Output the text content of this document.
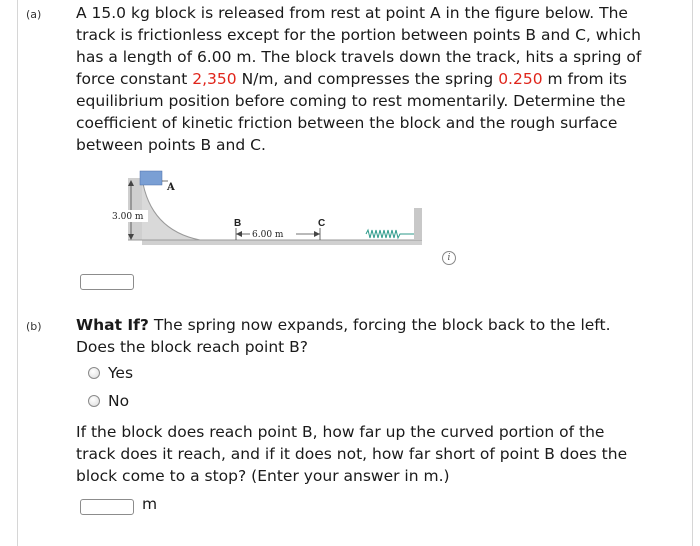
(a) A 15.0 kg block is released from rest at point A in the figure below. The
track is frictionless except for the portion between points B and C, which
has a length of 6.00 m. The block travels down the track, hits a spring of
force constant 2,350 N/m, and compresses the spring 0.250 m from its
equilibrium position before coming to rest momentarily. Determine the
coefficient of kinetic friction between the block and the rough surface
between points B and C.
A
3.00 m
B	C
6.00 m
i
(b) What If? The spring now expands, forcing the block back to the left.
Does the block reach point B?
Yes
No
If the block does reach point B, how far up the curved portion of the
track does it reach, and if it does not, how far short of point B does the
block come to a stop? (Enter your answer in m.)
m
